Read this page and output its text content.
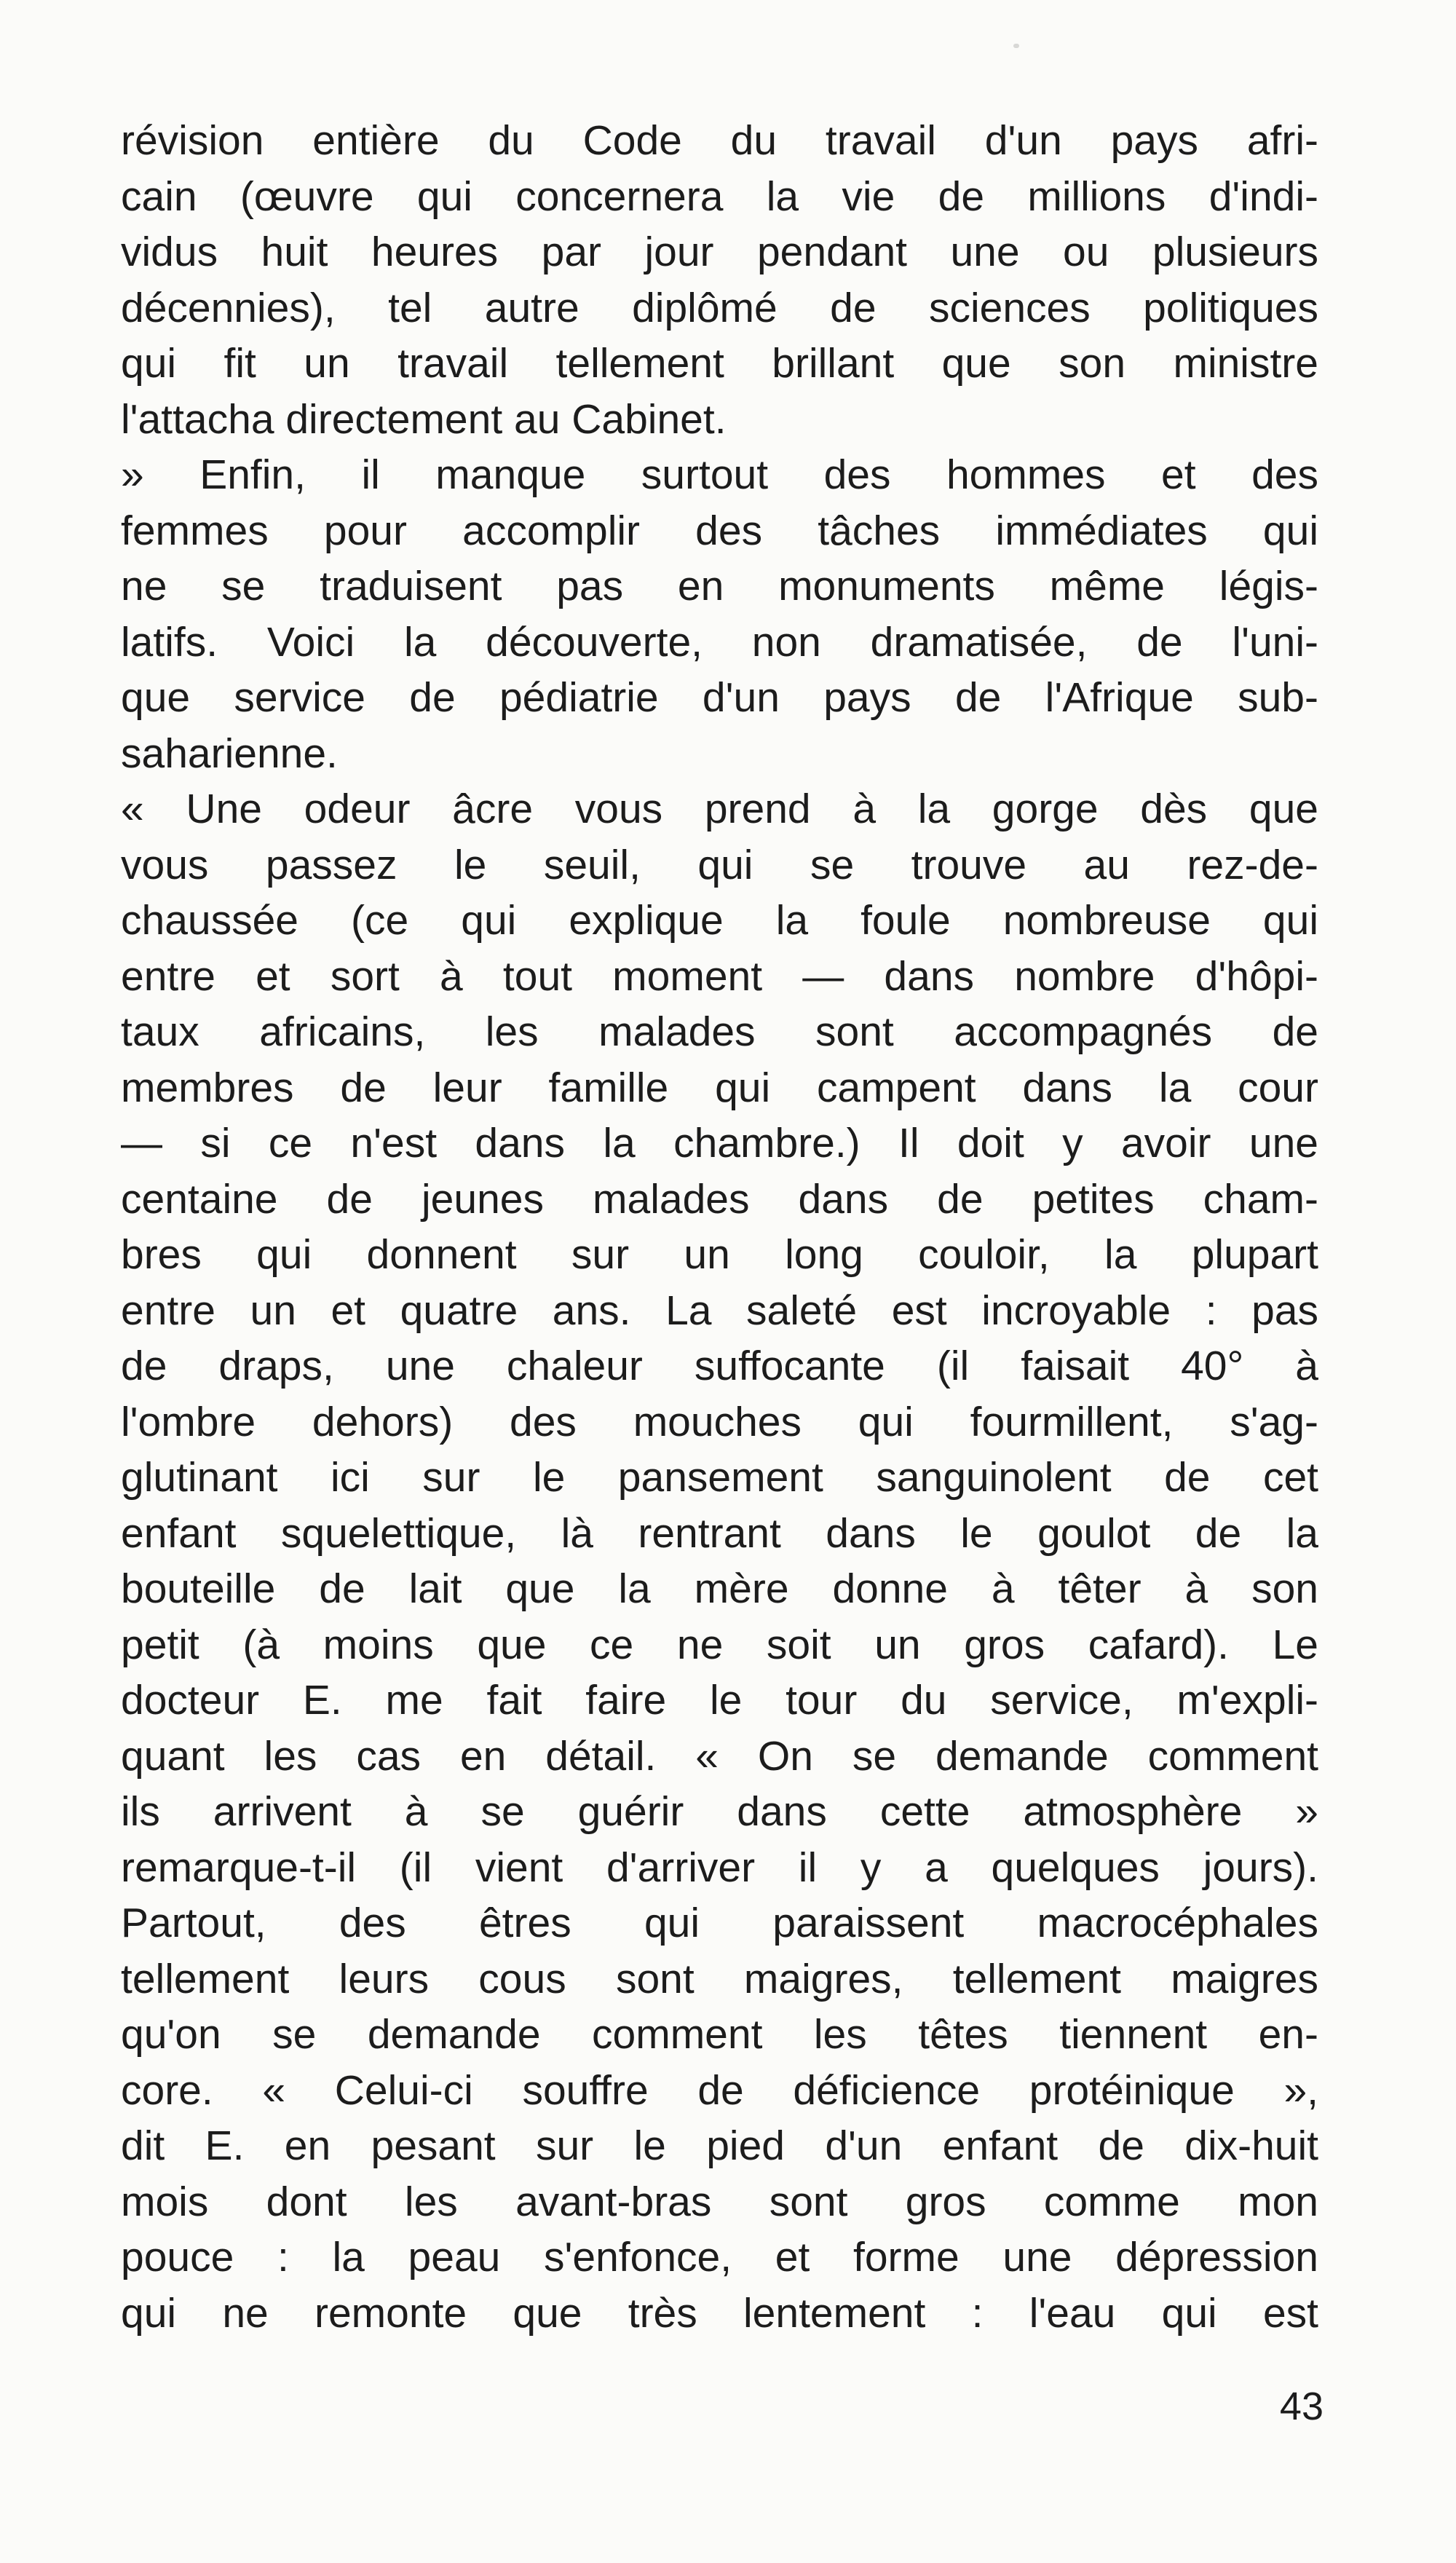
révision entière du Code du travail d'un pays afri-
cain (œuvre qui concernera la vie de millions d'indi-
vidus huit heures par jour pendant une ou plusieurs
décennies), tel autre diplômé de sciences politiques
qui fit un travail tellement brillant que son ministre
l'attacha directement au Cabinet.

» Enfin, il manque surtout des hommes et des
femmes pour accomplir des tâches immédiates qui
ne se traduisent pas en monuments même légis-
latifs. Voici la découverte, non dramatisée, de l'uni-
que service de pédiatrie d'un pays de l'Afrique sub-
saharienne.

« Une odeur âcre vous prend à la gorge dès que
vous passez le seuil, qui se trouve au rez-de-
chaussée (ce qui explique la foule nombreuse qui
entre et sort à tout moment — dans nombre d'hôpi-
taux africains, les malades sont accompagnés de
membres de leur famille qui campent dans la cour
— si ce n'est dans la chambre.) Il doit y avoir une
centaine de jeunes malades dans de petites cham-
bres qui donnent sur un long couloir, la plupart
entre un et quatre ans. La saleté est incroyable : pas
de draps, une chaleur suffocante (il faisait 40° à
l'ombre dehors) des mouches qui fourmillent, s'ag-
glutinant ici sur le pansement sanguinolent de cet
enfant squelettique, là rentrant dans le goulot de la
bouteille de lait que la mère donne à têter à son
petit (à moins que ce ne soit un gros cafard). Le
docteur E. me fait faire le tour du service, m'expli-
quant les cas en détail. « On se demande comment
ils arrivent à se guérir dans cette atmosphère »
remarque-t-il (il vient d'arriver il y a quelques jours).
Partout, des êtres qui paraissent macrocéphales
tellement leurs cous sont maigres, tellement maigres
qu'on se demande comment les têtes tiennent en-
core. « Celui-ci souffre de déficience protéinique »,
dit E. en pesant sur le pied d'un enfant de dix-huit
mois dont les avant-bras sont gros comme mon
pouce : la peau s'enfonce, et forme une dépression
qui ne remonte que très lentement : l'eau qui est

43
